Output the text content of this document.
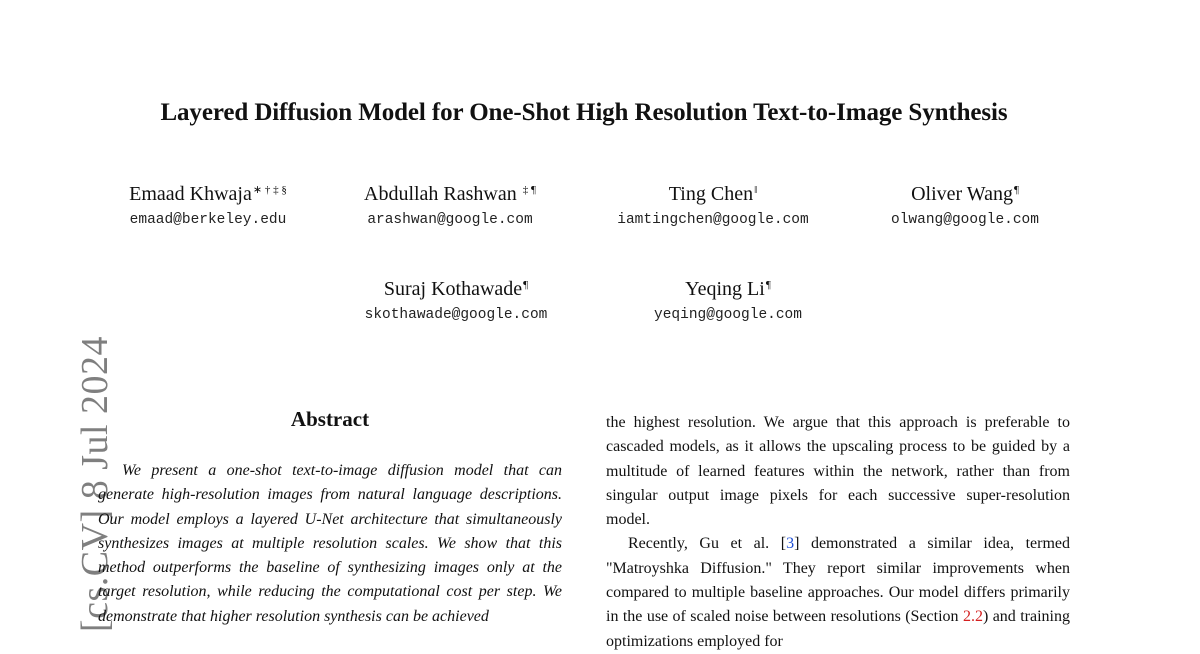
[cs.CV] 8 Jul 2024
Layered Diffusion Model for One-Shot High Resolution Text-to-Image Synthesis
Emaad Khwaja∗ † ‡ §
emaad@berkeley.edu
Abdullah Rashwan ‡ ¶
arashwan@google.com
Ting Chen‖
iamtingchen@google.com
Oliver Wang¶
olwang@google.com
Suraj Kothawade¶
skothawade@google.com
Yeqing Li¶
yeqing@google.com
Abstract

We present a one-shot text-to-image diffusion model that can generate high-resolution images from natural language descriptions. Our model employs a layered U-Net architecture that simultaneously synthesizes images at multiple resolution scales. We show that this method outperforms the baseline of synthesizing images only at the target resolution, while reducing the computational cost per step. We demonstrate that higher resolution synthesis can be achieved

the highest resolution. We argue that this approach is preferable to cascaded models, as it allows the upscaling process to be guided by a multitude of learned features within the network, rather than from singular output image pixels for each successive super-resolution model.

Recently, Gu et al. [3] demonstrated a similar idea, termed "Matroyshka Diffusion." They report similar improvements when compared to multiple baseline approaches. Our model differs primarily in the use of scaled noise between resolutions (Section 2.2) and training optimizations employed for
